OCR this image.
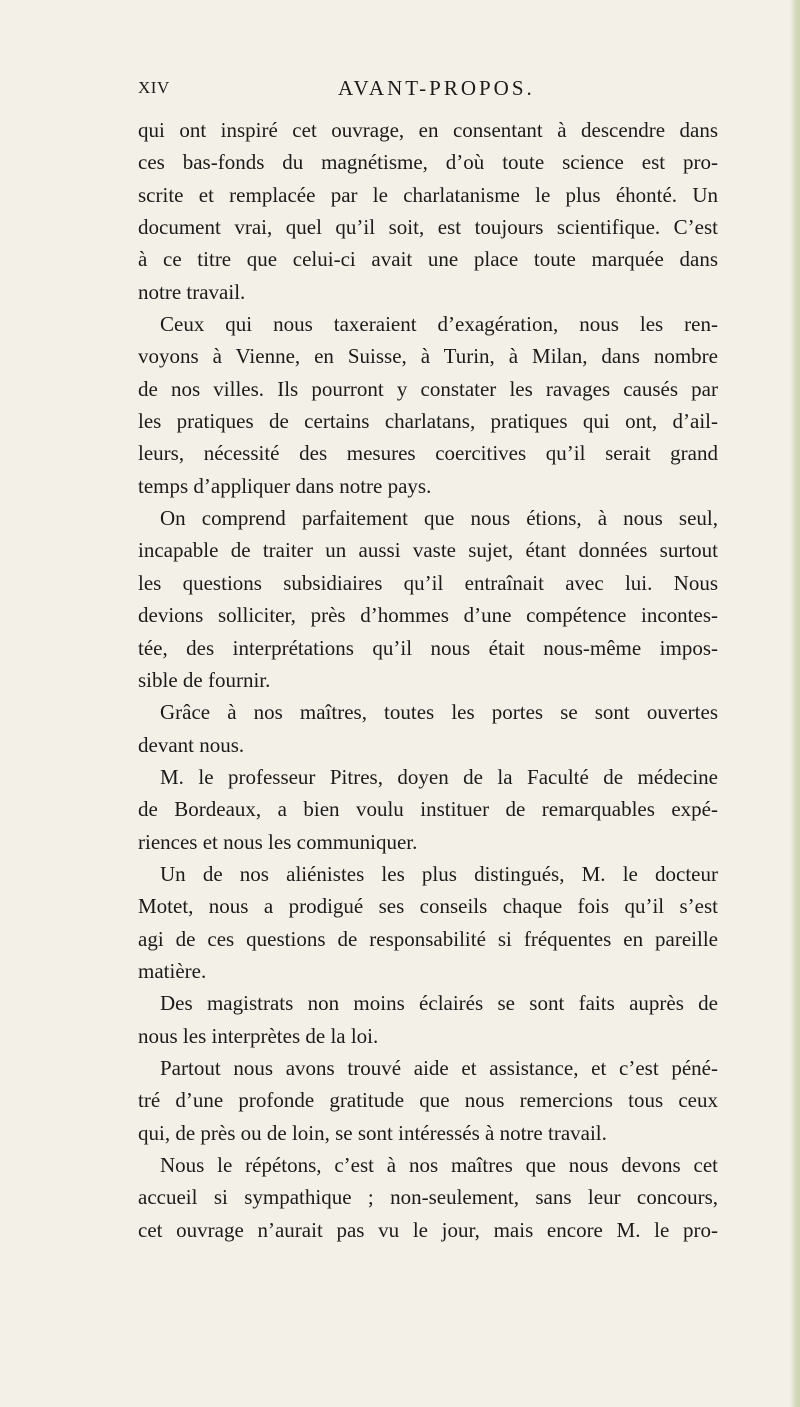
XIV	AVANT-PROPOS.
qui ont inspiré cet ouvrage, en consentant à descendre dans
ces bas-fonds du magnétisme, d’où toute science est pro-
scrite et remplacée par le charlatanisme le plus éhonté. Un
document vrai, quel qu’il soit, est toujours scientifique. C’est
à ce titre que celui-ci avait une place toute marquée dans
notre travail.
Ceux qui nous taxeraient d’exagération, nous les ren-
voyons à Vienne, en Suisse, à Turin, à Milan, dans nombre
de nos villes. Ils pourront y constater les ravages causés par
les pratiques de certains charlatans, pratiques qui ont, d’ail-
leurs, nécessité des mesures coercitives qu’il serait grand
temps d’appliquer dans notre pays.
On comprend parfaitement que nous étions, à nous seul,
incapable de traiter un aussi vaste sujet, étant données surtout
les questions subsidiaires qu’il entraînait avec lui. Nous
devions solliciter, près d’hommes d’une compétence incontes-
tée, des interprétations qu’il nous était nous-même impos-
sible de fournir.
Grâce à nos maîtres, toutes les portes se sont ouvertes
devant nous.
M. le professeur Pitres, doyen de la Faculté de médecine
de Bordeaux, a bien voulu instituer de remarquables expé-
riences et nous les communiquer.
Un de nos aliénistes les plus distingués, M. le docteur
Motet, nous a prodigué ses conseils chaque fois qu’il s’est
agi de ces questions de responsabilité si fréquentes en pareille
matière.
Des magistrats non moins éclairés se sont faits auprès de
nous les interprètes de la loi.
Partout nous avons trouvé aide et assistance, et c’est péné-
tré d’une profonde gratitude que nous remercions tous ceux
qui, de près ou de loin, se sont intéressés à notre travail.
Nous le répétons, c’est à nos maîtres que nous devons cet
accueil si sympathique ; non-seulement, sans leur concours,
cet ouvrage n’aurait pas vu le jour, mais encore M. le pro-
